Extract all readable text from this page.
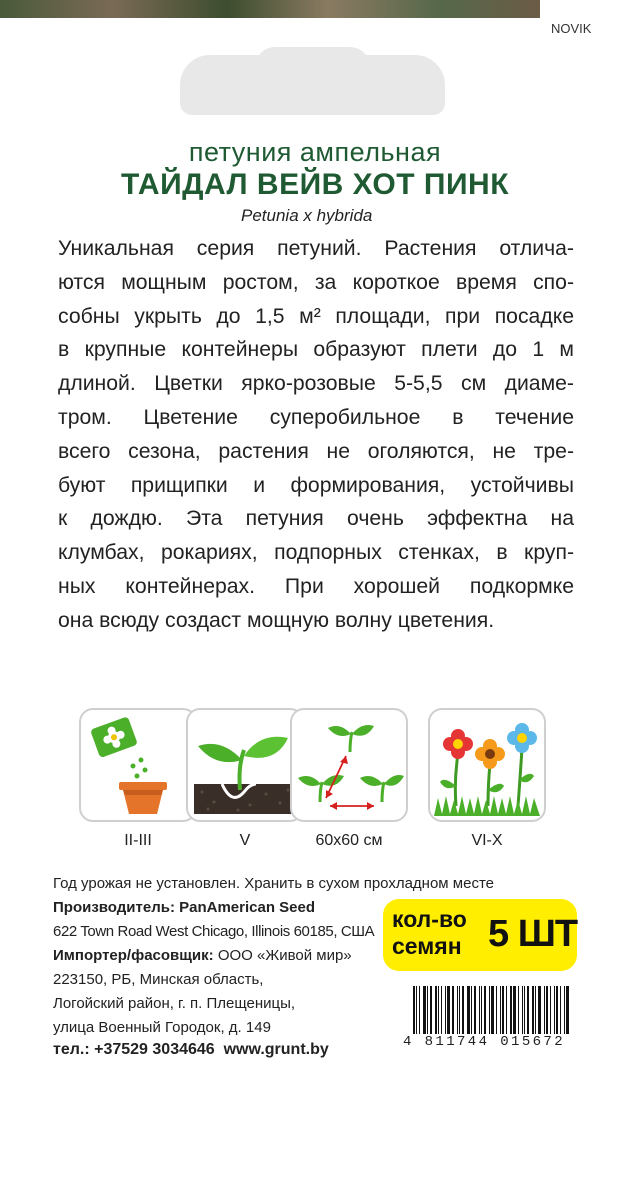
NOVIK
петуния ампельная
ТАЙДАЛ ВЕЙВ ХОТ ПИНК
Petunia x hybrida
Уникальная серия петуний. Растения отлича-
ются мощным ростом, за короткое время спо-
собны укрыть до 1,5 м² площади, при посадке
в крупные контейнеры образуют плети до 1 м
длиной. Цветки ярко-розовые 5-5,5 см диаме-
тром. Цветение суперобильное в течение
всего сезона, растения не оголяются, не тре-
буют прищипки и формирования, устойчивы
к дождю. Эта петуния очень эффектна на
клумбах, рокариях, подпорных стенках, в круп-
ных контейнерах. При хорошей подкормке
она всюду создаст мощную волну цветения.
II-III	V	60x60 см	VI-X
Год урожая не установлен. Хранить в сухом прохладном месте
Производитель: PanAmerican Seed
622 Town Road West Chicago, Illinois 60185, США
Импортер/фасовщик: ООО «Живой мир»
223150, РБ, Минская область,
Логойский район, г. п. Плещеницы,
улица Военный Городок, д. 149
тел.: +37529 3034646  www.grunt.by
кол-во
семян 5 ШТ
4 811744 015672
